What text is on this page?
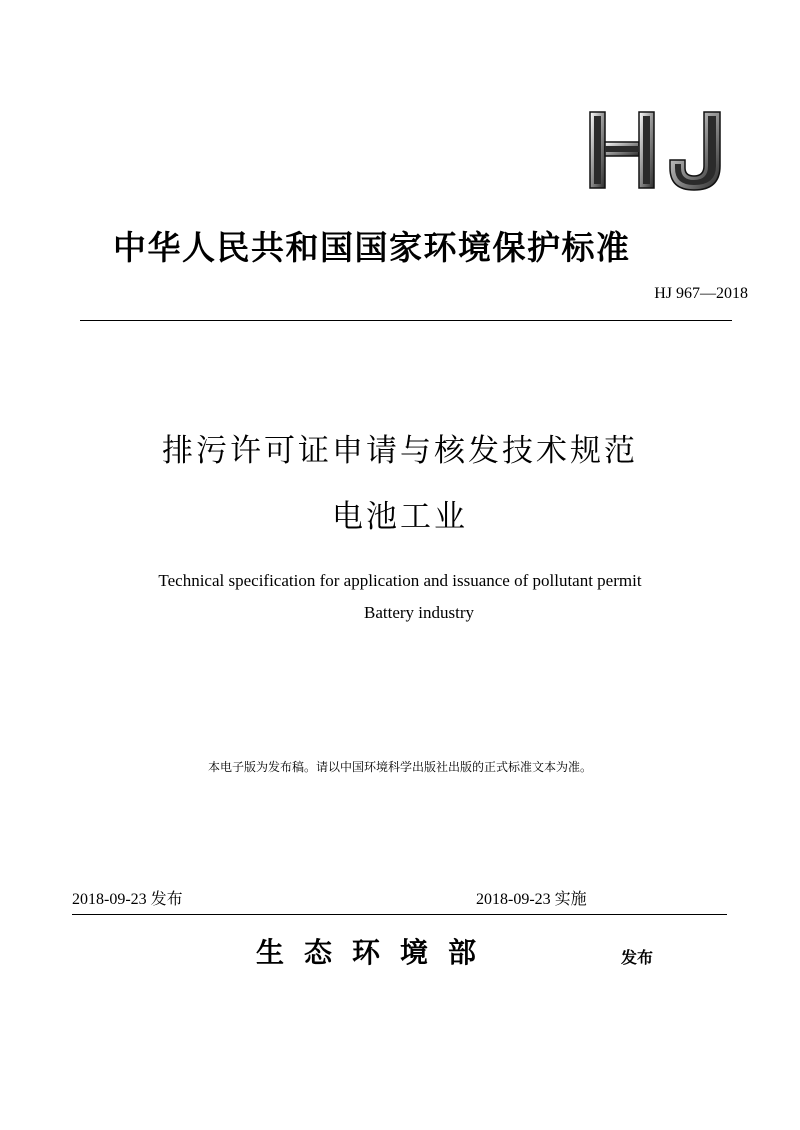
中华人民共和国国家环境保护标准
HJ 967—2018
排污许可证申请与核发技术规范
电池工业
Technical specification for application and issuance of pollutant permit
Battery industry
本电子版为发布稿。请以中国环境科学出版社出版的正式标准文本为准。
2018-09-23 发布	2018-09-23 实施
生态环境部	发布
